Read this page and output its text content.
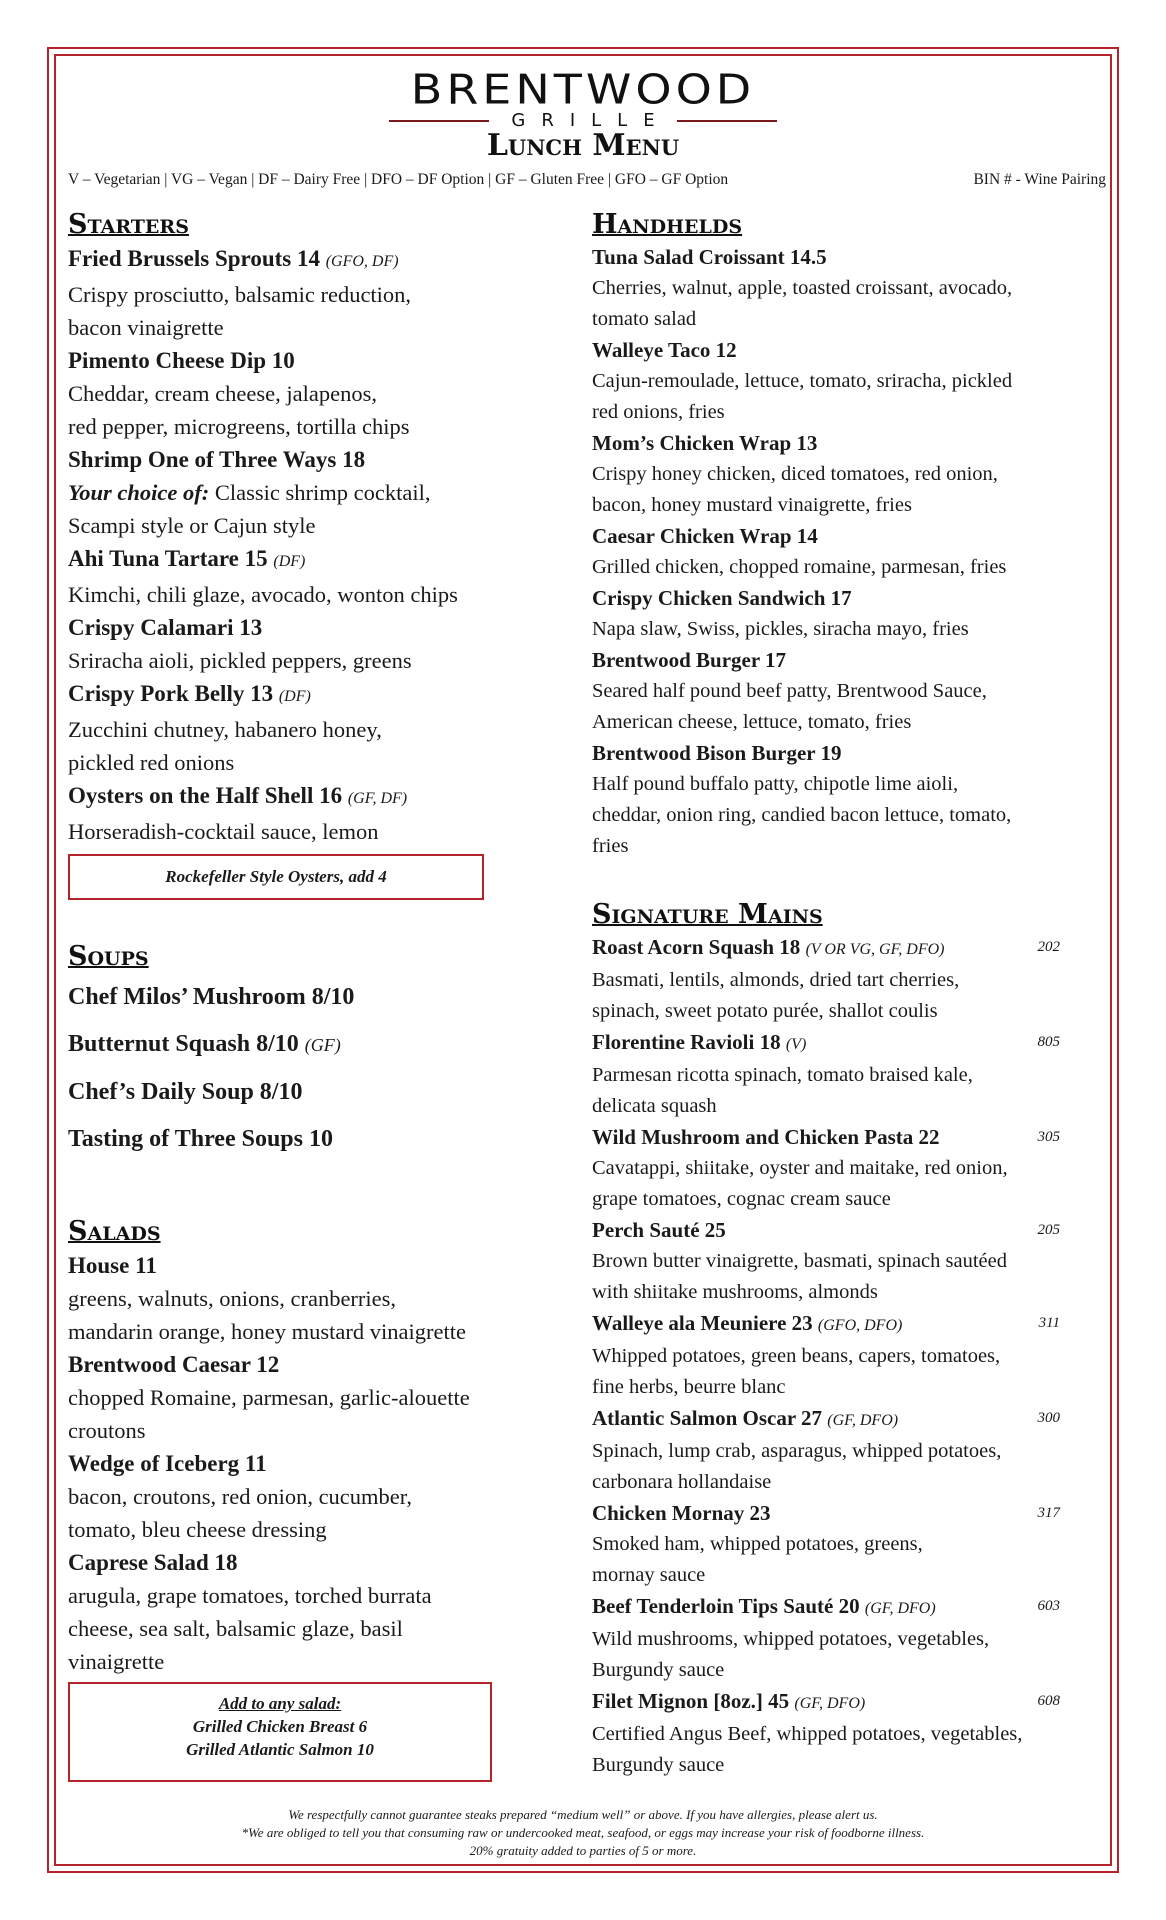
BRENTWOOD
GRILLE
Lunch Menu
V – Vegetarian | VG – Vegan | DF – Dairy Free | DFO – DF Option | GF – Gluten Free | GFO – GF Option	BIN # - Wine Pairing
Starters
Fried Brussels Sprouts 14 (GFO, DF)
Crispy prosciutto, balsamic reduction,
bacon vinaigrette
Pimento Cheese Dip 10
Cheddar, cream cheese, jalapenos,
red pepper, microgreens, tortilla chips
Shrimp One of Three Ways 18
Your choice of: Classic shrimp cocktail,
Scampi style or Cajun style
Ahi Tuna Tartare 15 (DF)
Kimchi, chili glaze, avocado, wonton chips
Crispy Calamari 13
Sriracha aioli, pickled peppers, greens
Crispy Pork Belly 13 (DF)
Zucchini chutney, habanero honey,
pickled red onions
Oysters on the Half Shell 16 (GF, DF)
Horseradish-cocktail sauce, lemon
Rockefeller Style Oysters, add 4
Soups
Chef Milos’ Mushroom 8/10
Butternut Squash 8/10 (GF)
Chef’s Daily Soup 8/10
Tasting of Three Soups 10
Salads
House 11
greens, walnuts, onions, cranberries,
mandarin orange, honey mustard vinaigrette
Brentwood Caesar 12
chopped Romaine, parmesan, garlic-alouette
croutons
Wedge of Iceberg 11
bacon, croutons, red onion, cucumber,
tomato, bleu cheese dressing
Caprese Salad 18
arugula, grape tomatoes, torched burrata
cheese, sea salt, balsamic glaze, basil
vinaigrette
Add to any salad:
Grilled Chicken Breast 6
Grilled Atlantic Salmon 10
Handhelds
Tuna Salad Croissant 14.5
Cherries, walnut, apple, toasted croissant, avocado,
tomato salad
Walleye Taco 12
Cajun-remoulade, lettuce, tomato, sriracha, pickled
red onions, fries
Mom’s Chicken Wrap 13
Crispy honey chicken, diced tomatoes, red onion,
bacon, honey mustard vinaigrette, fries
Caesar Chicken Wrap 14
Grilled chicken, chopped romaine, parmesan, fries
Crispy Chicken Sandwich 17
Napa slaw, Swiss, pickles, siracha mayo, fries
Brentwood Burger 17
Seared half pound beef patty, Brentwood Sauce,
American cheese, lettuce, tomato, fries
Brentwood Bison Burger 19
Half pound buffalo patty, chipotle lime aioli,
cheddar, onion ring, candied bacon lettuce, tomato,
fries
Signature Mains
Roast Acorn Squash 18 (V OR VG, GF, DFO)	202
Basmati, lentils, almonds, dried tart cherries,
spinach, sweet potato purée, shallot coulis
Florentine Ravioli 18 (V)	805
Parmesan ricotta spinach, tomato braised kale,
delicata squash
Wild Mushroom and Chicken Pasta 22	305
Cavatappi, shiitake, oyster and maitake, red onion,
grape tomatoes, cognac cream sauce
Perch Sauté 25	205
Brown butter vinaigrette, basmati, spinach sautéed
with shiitake mushrooms, almonds
Walleye ala Meuniere 23 (GFO, DFO)	311
Whipped potatoes, green beans, capers, tomatoes,
fine herbs, beurre blanc
Atlantic Salmon Oscar 27 (GF, DFO)	300
Spinach, lump crab, asparagus, whipped potatoes,
carbonara hollandaise
Chicken Mornay 23	317
Smoked ham, whipped potatoes, greens,
mornay sauce
Beef Tenderloin Tips Sauté 20 (GF, DFO)	603
Wild mushrooms, whipped potatoes, vegetables,
Burgundy sauce
Filet Mignon [8oz.] 45 (GF, DFO)	608
Certified Angus Beef, whipped potatoes, vegetables,
Burgundy sauce
We respectfully cannot guarantee steaks prepared “medium well” or above. If you have allergies, please alert us.
*We are obliged to tell you that consuming raw or undercooked meat, seafood, or eggs may increase your risk of foodborne illness.
20% gratuity added to parties of 5 or more.
